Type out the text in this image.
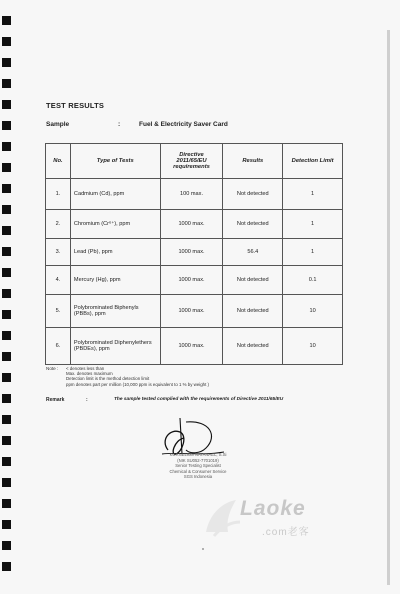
TEST RESULTS
Sample	:	Fuel & Electricity Saver Card
No.	Type of Tests	Directive 2011/65/EU requirements	Results	Detection Limit
1.	Cadmium (Cd), ppm	100 max.	Not detected	1
2.	Chromium (Cr⁶⁺), ppm	1000 max.	Not detected	1
3.	Lead (Pb), ppm	1000 max.	56.4	1
4.	Mercury (Hg), ppm	1000 max.	Not detected	0.1
5.	Polybrominated Biphenyls (PBBs), ppm	1000 max.	Not detected	10
6.	Polybrominated Diphenylethers (PBDEs), ppm	1000 max.	Not detected	10
Note : < denotes less than
Max. denotes maximum
Detection limit is the method detection limit
ppm denotes part per million (10,000 ppm is equivalent to 1 % by weight )
Remark	:	The sample tested complied with the requirements of Directive 2011/65/EU
KORNELIUS NATANAEL, S.Si
(NIK SU052-7701019)
Senior Testing Specialist
Chemical & Consumer Service
SGS Indonesia
Laoke
.com老客
